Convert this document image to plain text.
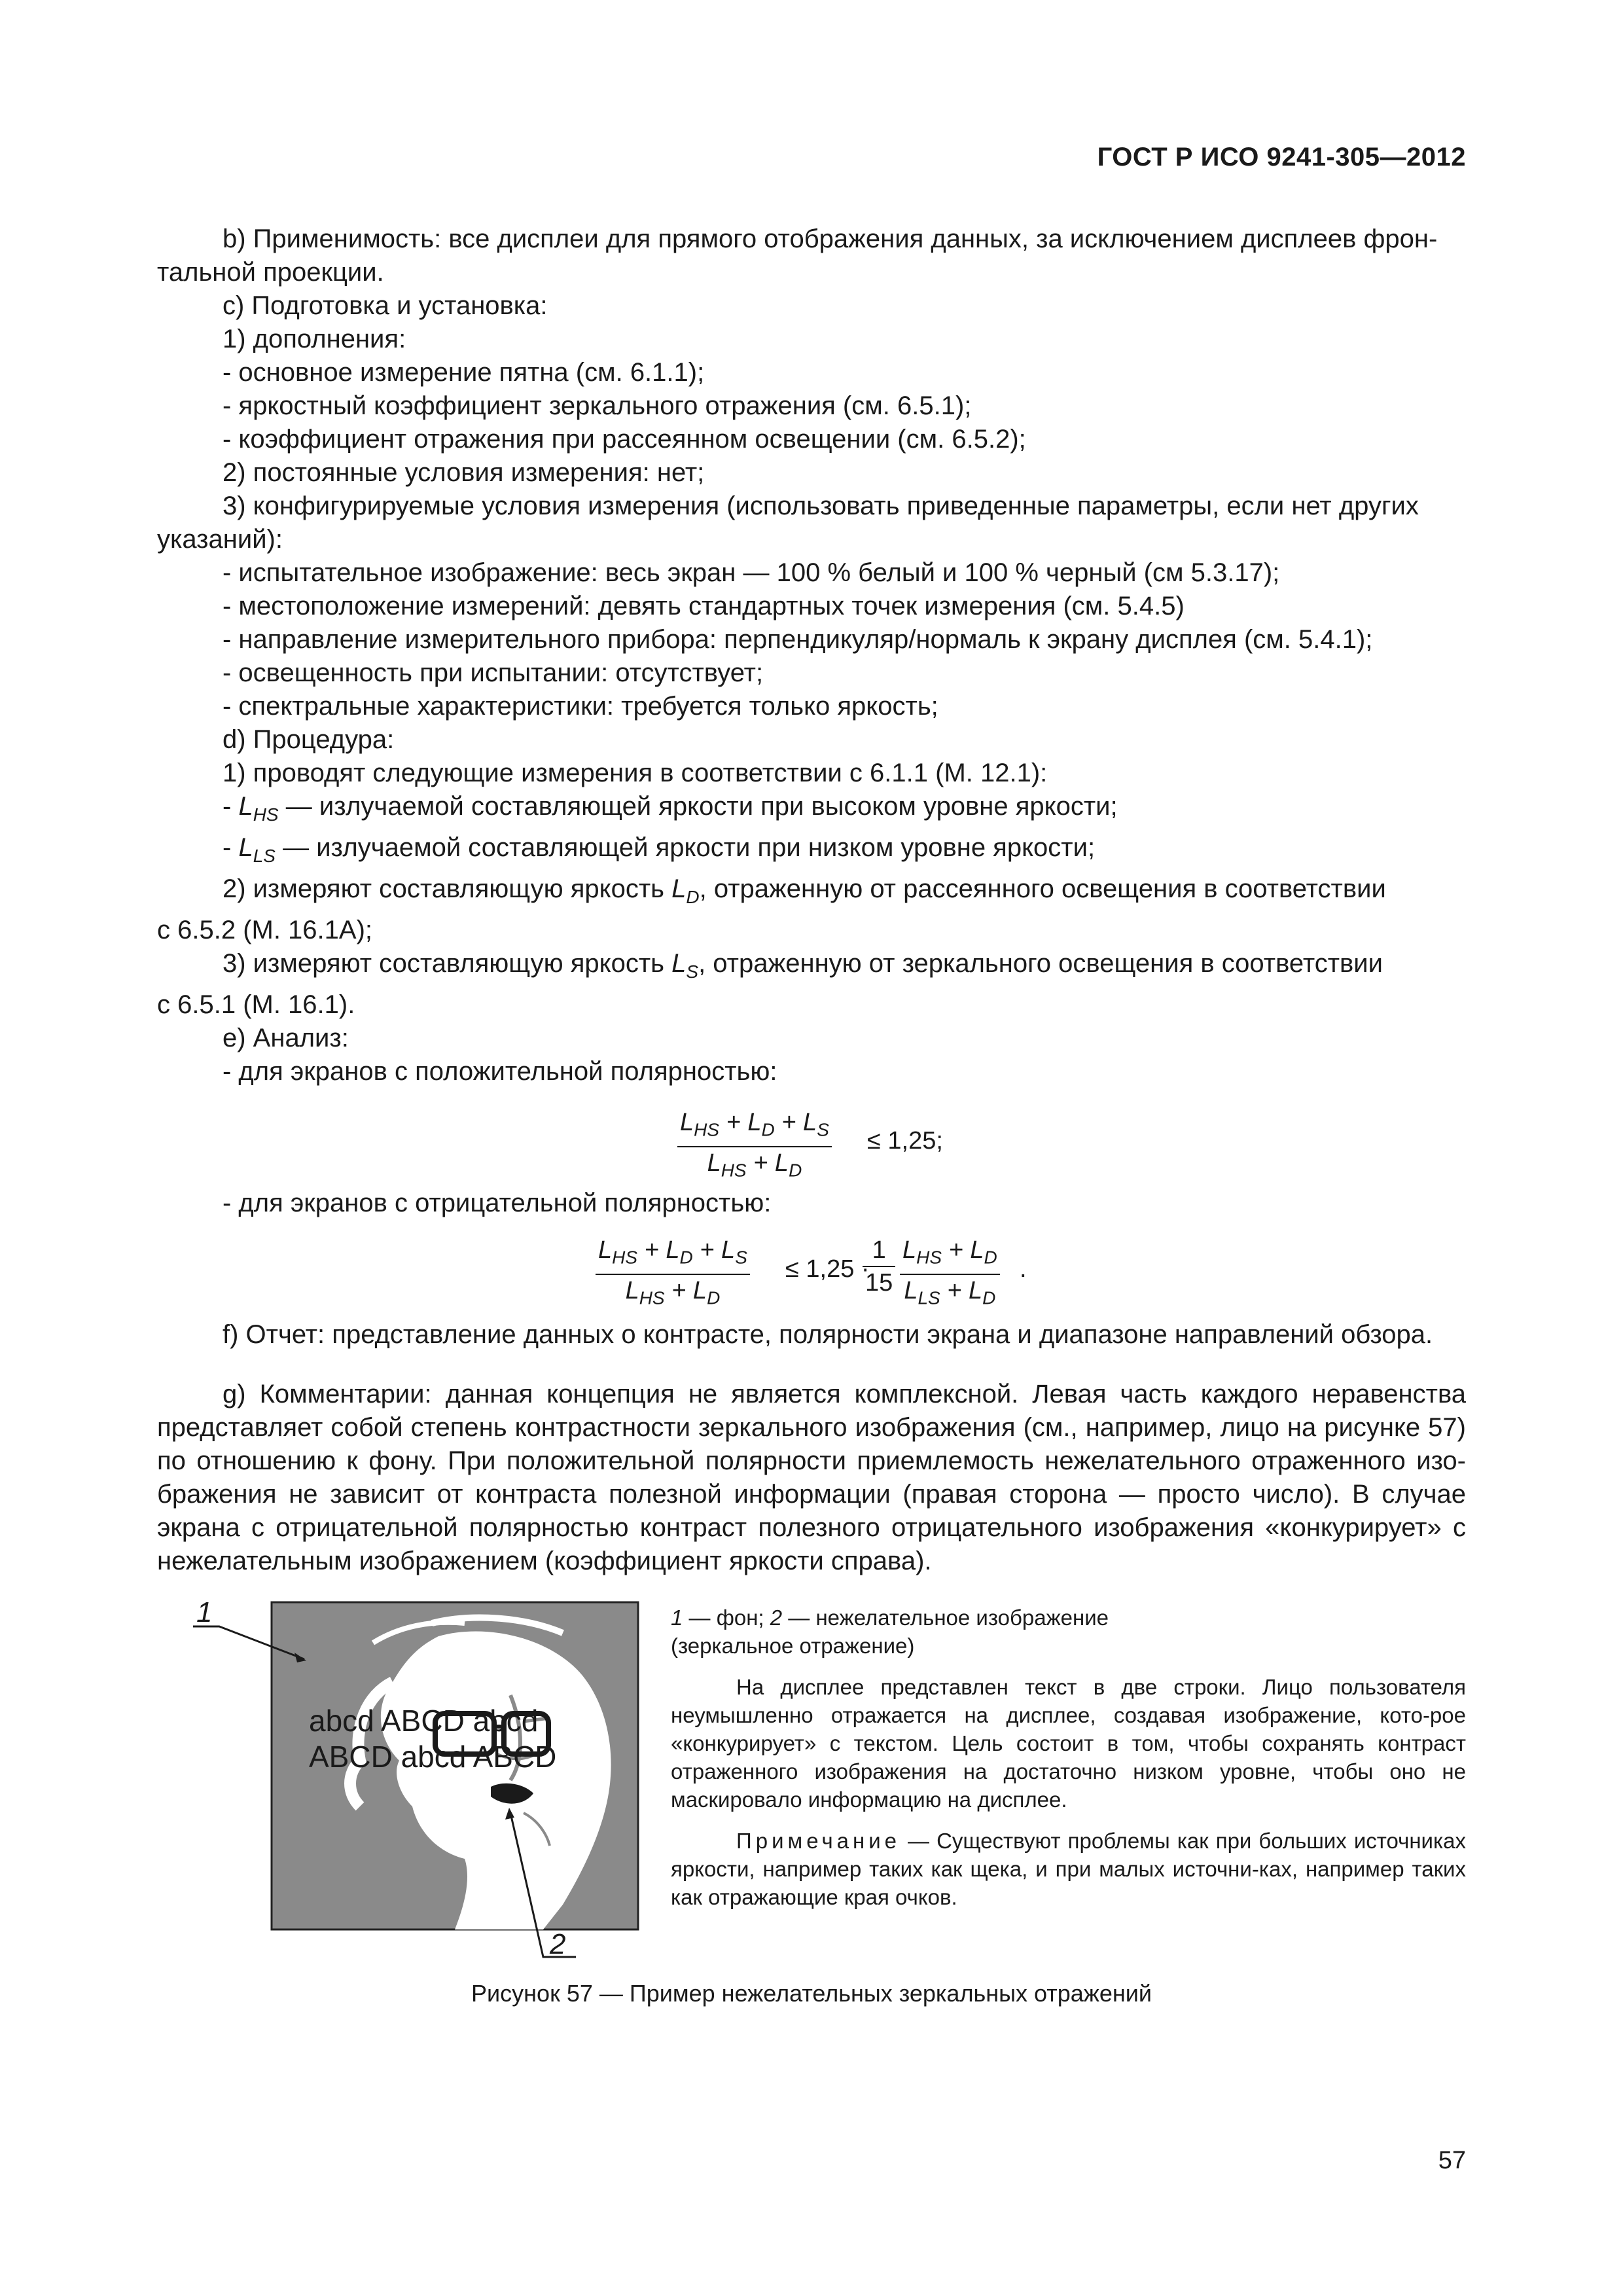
ГОСТ Р ИСО 9241-305—2012

b) Применимость: все дисплеи для прямого отображения данных, за исключением дисплеев фрон-

тальной проекции.

c) Подготовка и установка:

1) дополнения:

- основное измерение пятна (см. 6.1.1);

- яркостный коэффициент зеркального отражения (см. 6.5.1);

- коэффициент отражения при рассеянном освещении (см. 6.5.2);

2) постоянные условия измерения: нет;

3) конфигурируемые условия измерения (использовать приведенные параметры, если нет других

указаний):

- испытательное изображение: весь экран — 100 % белый и 100 % черный (см 5.3.17);

- местоположение измерений: девять стандартных точек измерения (см. 5.4.5)

- направление измерительного прибора: перпендикуляр/нормаль к экрану дисплея (см. 5.4.1);

- освещенность при испытании: отсутствует;

- спектральные характеристики: требуется только яркость;

d) Процедура:

1) проводят следующие измерения в соответствии с 6.1.1 (М. 12.1):

- $L_{HS}$ — излучаемой составляющей яркости при высоком уровне яркости;

- $L_{LS}$ — излучаемой составляющей яркости при низком уровне яркости;

2) измеряют составляющую яркость $L_D$, отраженную от рассеянного освещения в соответствии

с 6.5.2 (М. 16.1А);

3) измеряют составляющую яркость $L_S$, отраженную от зеркального освещения в соответствии

с 6.5.1 (М. 16.1).

e) Анализ:

- для экранов с положительной полярностью:

$L_{HS} + L_D + L_S$
$L_{HS} + L_D$
≤ 1,25;

- для экранов с отрицательной полярностью:

$L_{HS} + L_D + L_S$
$L_{HS} + L_D$
≤ 1,25 ·
$\frac{1}{15} L_{HS} + L_D$
$L_{LS} + L_D$
.

f) Отчет: представление данных о контрасте, полярности экрана и диапазоне направлений обзора.

g) Комментарии: данная концепция не является комплексной. Левая часть каждого неравенства представляет собой степень контрастности зеркального изображения (см., например, лицо на рисунке 57) по отношению к фону. При положительной полярности приемлемость нежелательного отраженного изо-бражения не зависит от контраста полезной информации (правая сторона — просто число). В случае экрана с отрицательной полярностью контраст полезного отрицательного изображения «конкурирует» с нежелательным изображением (коэффициент яркости справа).

abcd ABCD abcd
ABCD abcd ABCD
1
2

1 — фон; 2 — нежелательное изображение

(зеркальное отражение)

На дисплее представлен текст в две строки. Лицо пользователя неумышленно отражается на дисплее, создавая изображение, кото-рое «конкурирует» с текстом. Цель состоит в том, чтобы сохранять контраст отраженного изображения на достаточно низком уровне, чтобы оно не маскировало информацию на дисплее.

Примечание — Существуют проблемы как при больших источниках яркости, например таких как щека, и при малых источни-ках, например таких как отражающие края очков.

Рисунок 57 — Пример нежелательных зеркальных отражений
57
